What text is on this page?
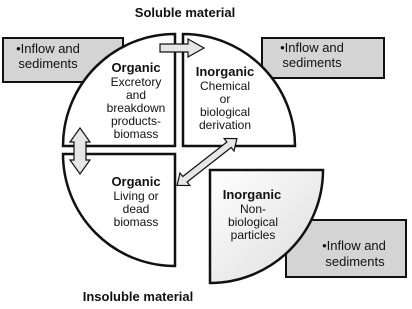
Soluble material
•Inflow and
sediments
•Inflow and
sediments
•Inflow and
sediments
Organic
Excretory
and
breakdown
products-
biomass
Inorganic
Chemical
or
biological
derivation
Organic
Living or
dead
biomass
Inorganic
Non-
biological
particles
Insoluble material
